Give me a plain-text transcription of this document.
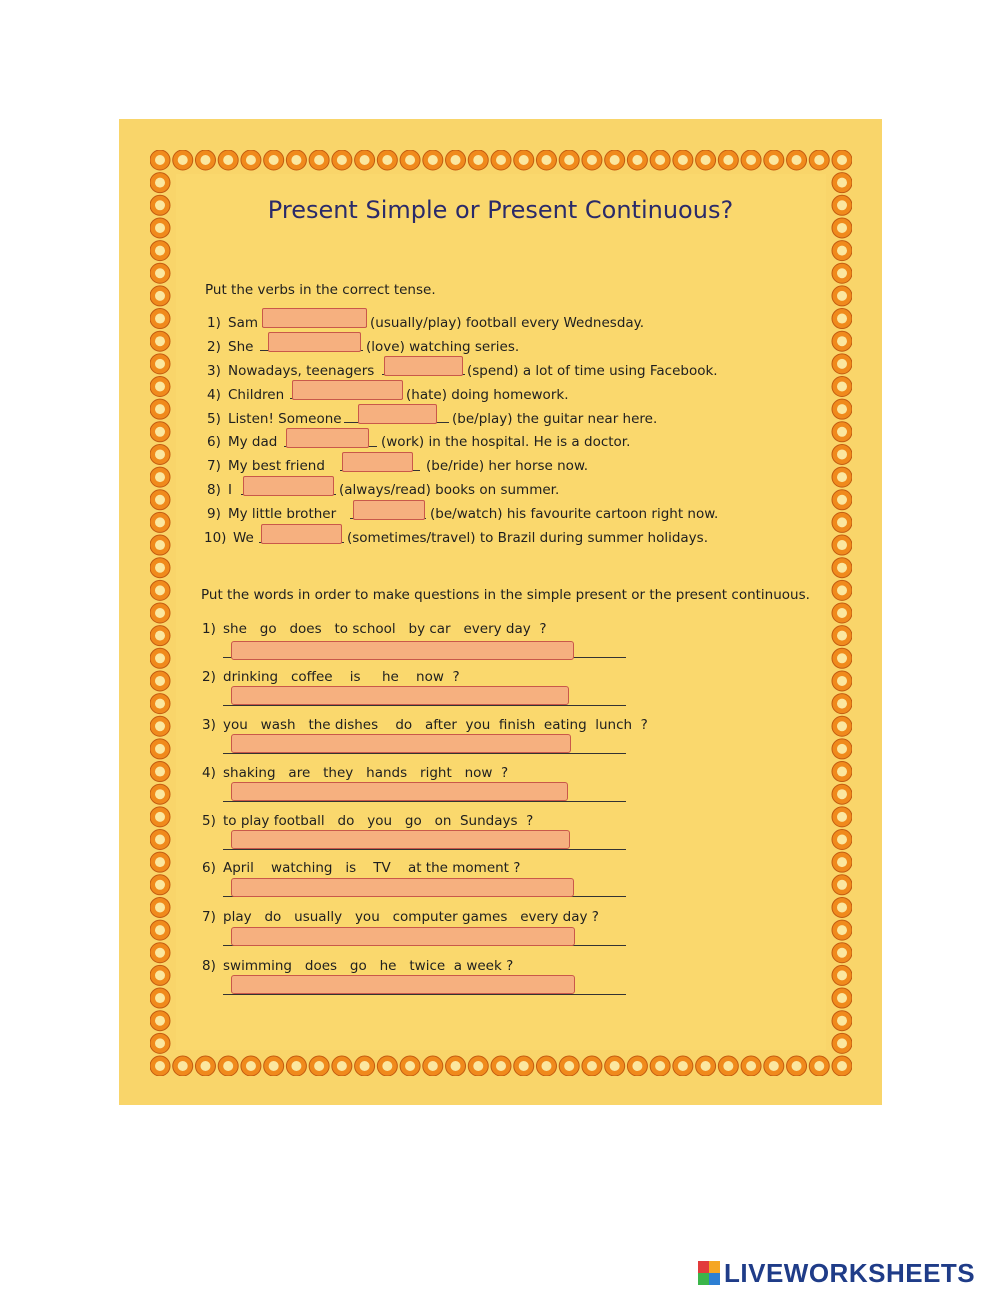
Present Simple or Present Continuous?
Put the verbs in the correct tense.
1) Sam	(usually/play) football every Wednesday.
2) She	(love) watching series.
3) Nowadays, teenagers	(spend) a lot of time using Facebook.
4) Children	(hate) doing homework.
5) Listen! Someone	(be/play) the guitar near here.
6) My dad	(work) in the hospital. He is a doctor.
7) My best friend	(be/ride) her horse now.
8) I	(always/read) books on summer.
9) My little brother	(be/watch) his favourite cartoon right now.
10) We	(sometimes/travel) to Brazil during summer holidays.
Put the words in order to make questions in the simple present or the present continuous.
1) she   go   does   to school   by car   every day  ?
2) drinking   coffee    is     he    now  ?
3) you   wash   the dishes    do   after  you  finish  eating  lunch  ?
4) shaking   are   they   hands   right   now  ?
5) to play football   do   you   go   on  Sundays  ?
6) April    watching   is    TV    at the moment ?
7) play   do   usually   you   computer games   every day ?
8) swimming   does   go   he   twice  a week ?
LIVEWORKSHEETS
